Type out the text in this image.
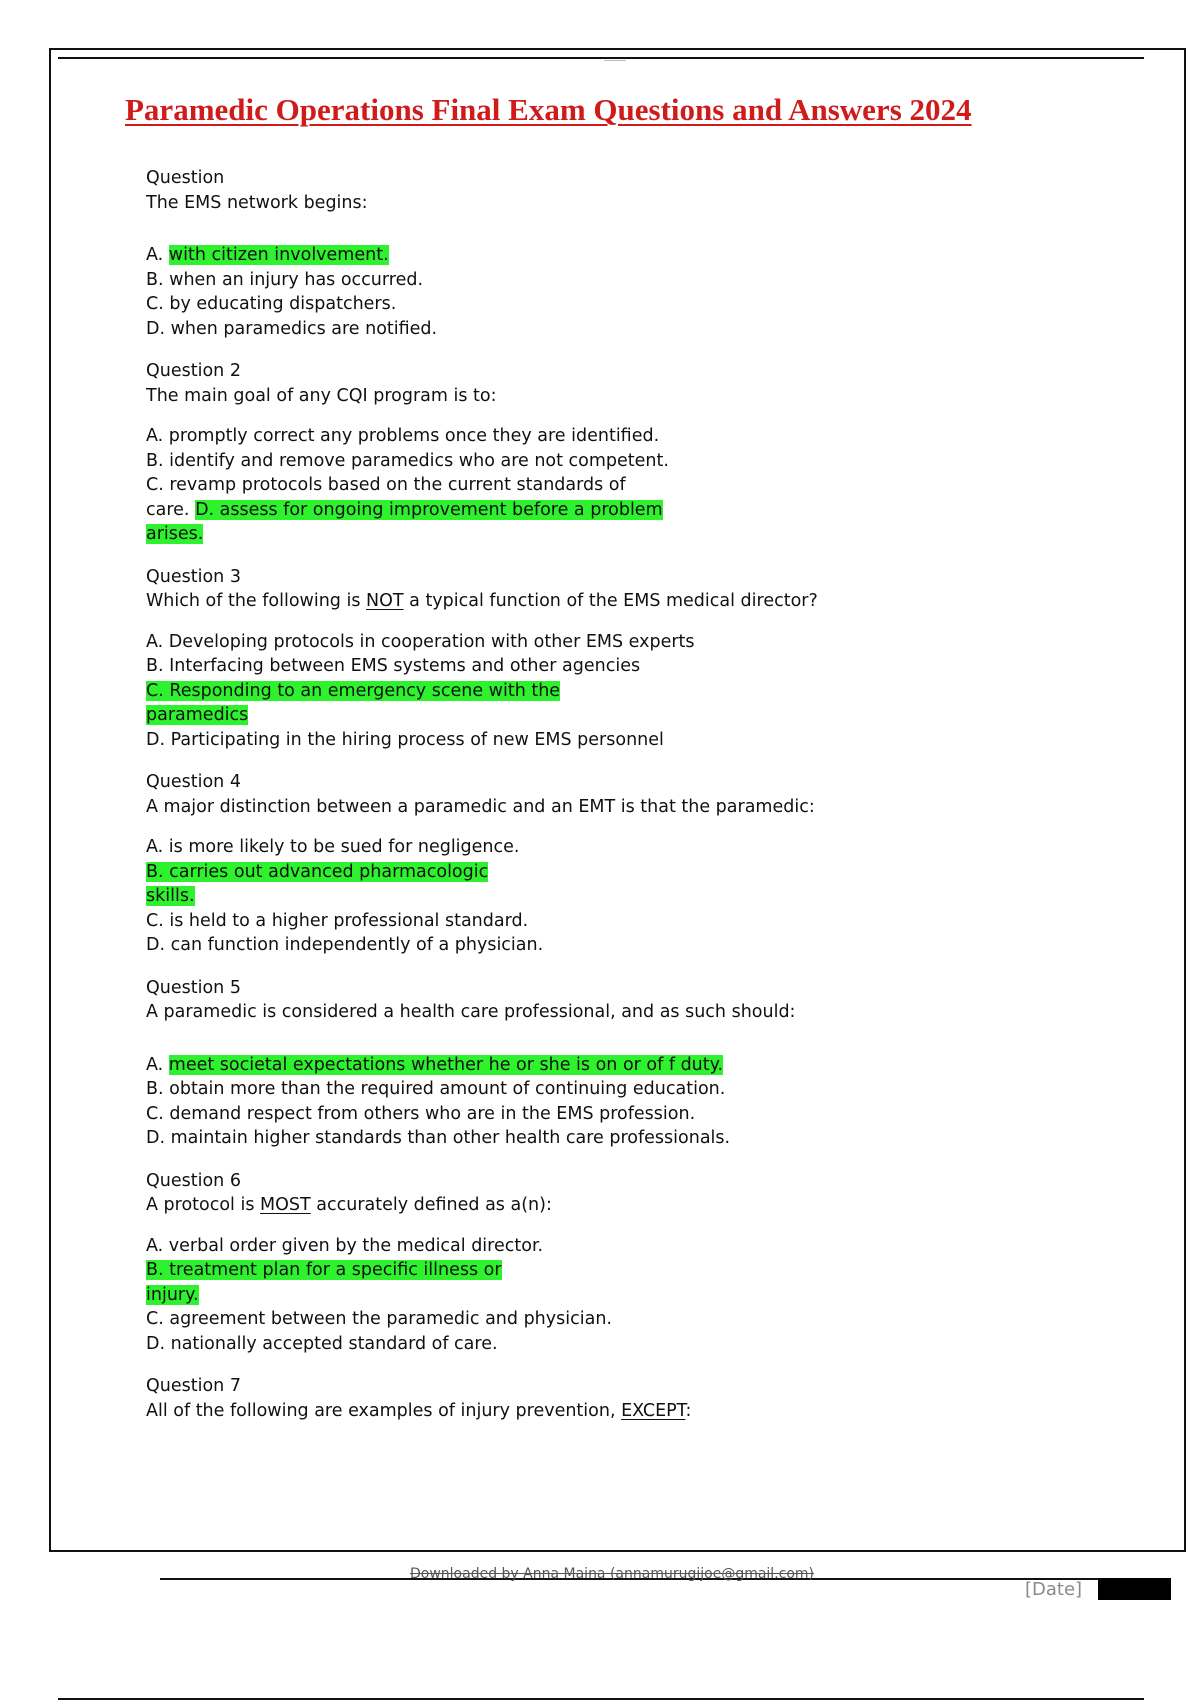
Paramedic Operations Final Exam Questions and Answers 2024
Question
The EMS network begins:
A. with citizen involvement.
B. when an injury has occurred.
C. by educating dispatchers.
D. when paramedics are notified.
Question 2
The main goal of any CQI program is to:
A. promptly correct any problems once they are identified.
B. identify and remove paramedics who are not competent.
C. revamp protocols based on the current standards of
care. D. assess for ongoing improvement before a problem
arises.
Question 3
Which of the following is NOT a typical function of the EMS medical director?
A. Developing protocols in cooperation with other EMS experts
B. Interfacing between EMS systems and other agencies
C. Responding to an emergency scene with the
paramedics
D. Participating in the hiring process of new EMS personnel
Question 4
A major distinction between a paramedic and an EMT is that the paramedic:
A. is more likely to be sued for negligence.
B. carries out advanced pharmacologic
skills.
C. is held to a higher professional standard.
D. can function independently of a physician.
Question 5
A paramedic is considered a health care professional, and as such should:
A. meet societal expectations whether he or she is on or of f duty.
B. obtain more than the required amount of continuing education.
C. demand respect from others who are in the EMS profession.
D. maintain higher standards than other health care professionals.
Question 6
A protocol is MOST accurately defined as a(n):
A. verbal order given by the medical director.
B. treatment plan for a specific illness or
injury.
C. agreement between the paramedic and physician.
D. nationally accepted standard of care.
Question 7
All of the following are examples of injury prevention, EXCEPT:
Downloaded by Anna Maina (annamurugijoe@gmail.com)
[Date]
